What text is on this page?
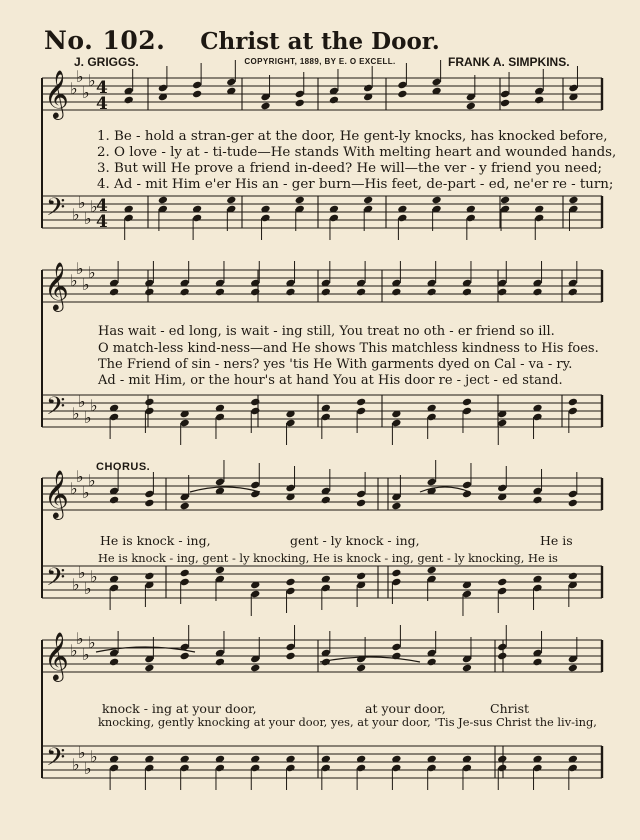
No. 102.	Christ at the Door.
J. GRIGGS.	COPYRIGHT, 1889, BY E. O EXCELL.	FRANK A. SIMPKINS.
𝄞
𝄢
♭
♭
♭
♭
♭
♭
♭
♭
4
4
4
4
𝄞
𝄢
♭
♭
♭
♭
♭
♭
♭
♭
𝄞
𝄢
♭
♭
♭
♭
♭
♭
♭
♭
𝄞
𝄢
♭
♭
♭
♭
♭
♭
♭
♭
1. Be - hold a stran-ger at the door, He gent-ly knocks, has knocked before,
2. O love - ly at - ti-tude—He stands With melting heart and wounded hands,
3. But will He prove a friend in-deed? He will—the ver - y friend you need;
4. Ad - mit Him e'er His an - ger burn—His feet, de-part - ed, ne'er re - turn;
Has wait - ed long, is wait - ing still, You treat no oth - er friend so ill.
O match-less kind-ness—and He shows This matchless kindness to His foes.
The Friend of sin - ners? yes 'tis He With garments dyed on Cal - va - ry.
Ad - mit Him, or the hour's at hand You at His door re - ject - ed stand.
CHORUS.
He is knock - ing,	gent - ly knock - ing,	He is
He is knock - ing, gent - ly knocking, He is knock - ing, gent - ly knocking, He is
knock - ing at your door,	at your door,	Christ
knocking, gently knocking at your door, yes, at your door, 'Tis Je-sus Christ the liv-ing,
